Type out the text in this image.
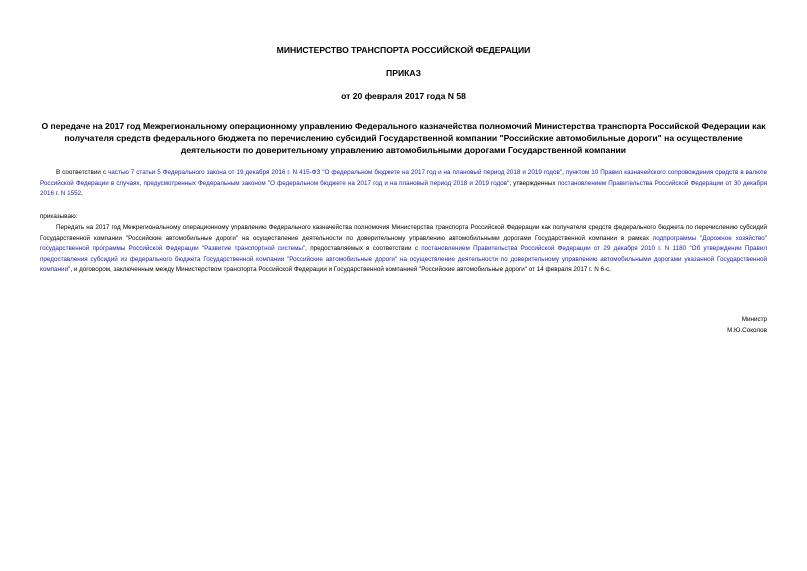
МИНИСТЕРСТВО ТРАНСПОРТА РОССИЙСКОЙ ФЕДЕРАЦИИ
ПРИКАЗ
от 20 февраля 2017 года N 58
О передаче на 2017 год Межрегиональному операционному управлению Федерального казначейства полномочий Министерства транспорта Российской Федерации как получателя средств федерального бюджета по перечислению субсидий Государственной компании "Российские автомобильные дороги" на осуществление деятельности по доверительному управлению автомобильными дорогами Государственной компании
В соответствии с частью 7 статьи 5 Федерального закона от 19 декабря 2016 г. N 415-ФЗ "О федеральном бюджете на 2017 год и на плановый период 2018 и 2019 годов", пунктом 10 Правил казначейского сопровождения средств в валюте Российской Федерации в случаях, предусмотренных Федеральным законом "О федеральном бюджете на 2017 год и на плановый период 2018 и 2019 годов", утвержденных постановлением Правительства Российской Федерации от 30 декабря 2016 г. N 1552,
приказываю:
Передать на 2017 год Межрегиональному операционному управлению Федерального казначейства полномочия Министерства транспорта Российской Федерации как получателя средств федерального бюджета по перечислению субсидий Государственной компании "Российские автомобильные дороги" на осуществление деятельности по доверительному управлению автомобильными дорогами Государственной компании в рамках подпрограммы "Дорожное хозяйство" государственной программы Российской Федерации "Развитие транспортной системы", предоставляемых в соответствии с постановлением Правительства Российской Федерации от 29 декабря 2010 г. N 1180 "Об утверждении Правил предоставления субсидий из федерального бюджета Государственной компании "Российские автомобильные дороги" на осуществление деятельности по доверительному управлению автомобильными дорогами указанной Государственной компании", и договором, заключенным между Министерством транспорта Российской Федерации и Государственной компанией "Российские автомобильные дороги" от 14 февраля 2017 г. N 6-с.
Министр
М.Ю.Соколов
